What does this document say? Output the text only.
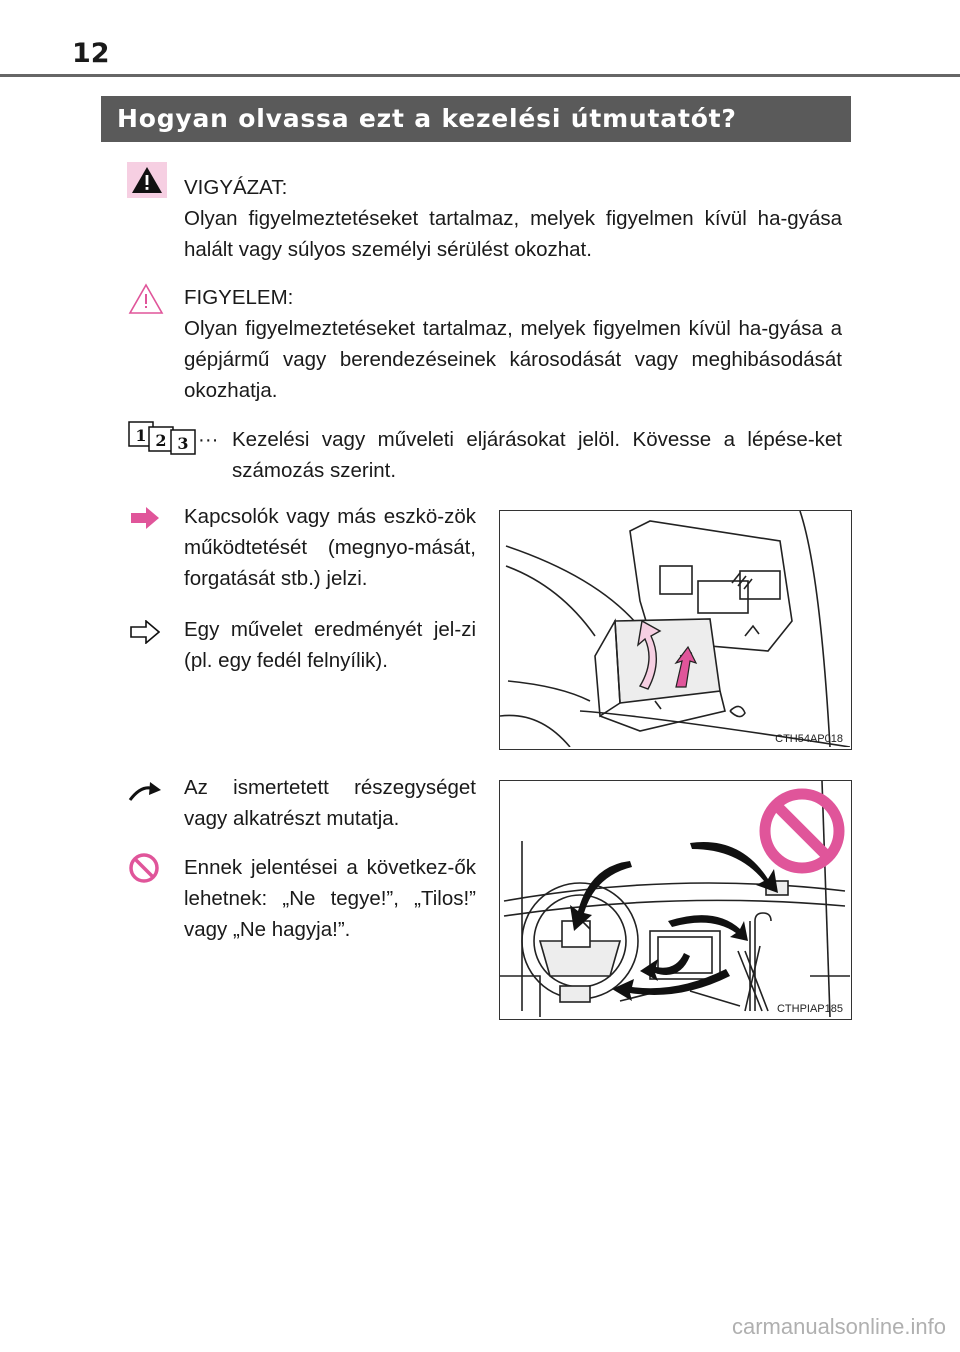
12
Hogyan olvassa ezt a kezelési útmutatót?

VIGYÁZAT:

Olyan figyelmeztetéseket tartalmaz, melyek figyelmen kívül ha-gyása halált vagy súlyos személyi sérülést okozhat.

FIGYELEM:

Olyan figyelmeztetéseket tartalmaz, melyek figyelmen kívül ha-gyása a gépjármű vagy berendezéseinek károsodását vagy meghibásodását okozhatja.

1 2 3 ··· Kezelési vagy műveleti eljárásokat jelöl. Kövesse a lépése-ket számozás szerint.
Kapcsolók vagy más eszkö-zök működtetését (megnyo-mását, forgatását stb.) jelzi.
Egy művelet eredményét jel-zi (pl. egy fedél felnyílik).
CTH54AP018
Az ismertetett részegységet vagy alkatrészt mutatja.
Ennek jelentései a következ-ők lehetnek: „Ne tegye!”, „Tilos!” vagy „Ne hagyja!”.
CTHPIAP185
carmanualsonline.info
